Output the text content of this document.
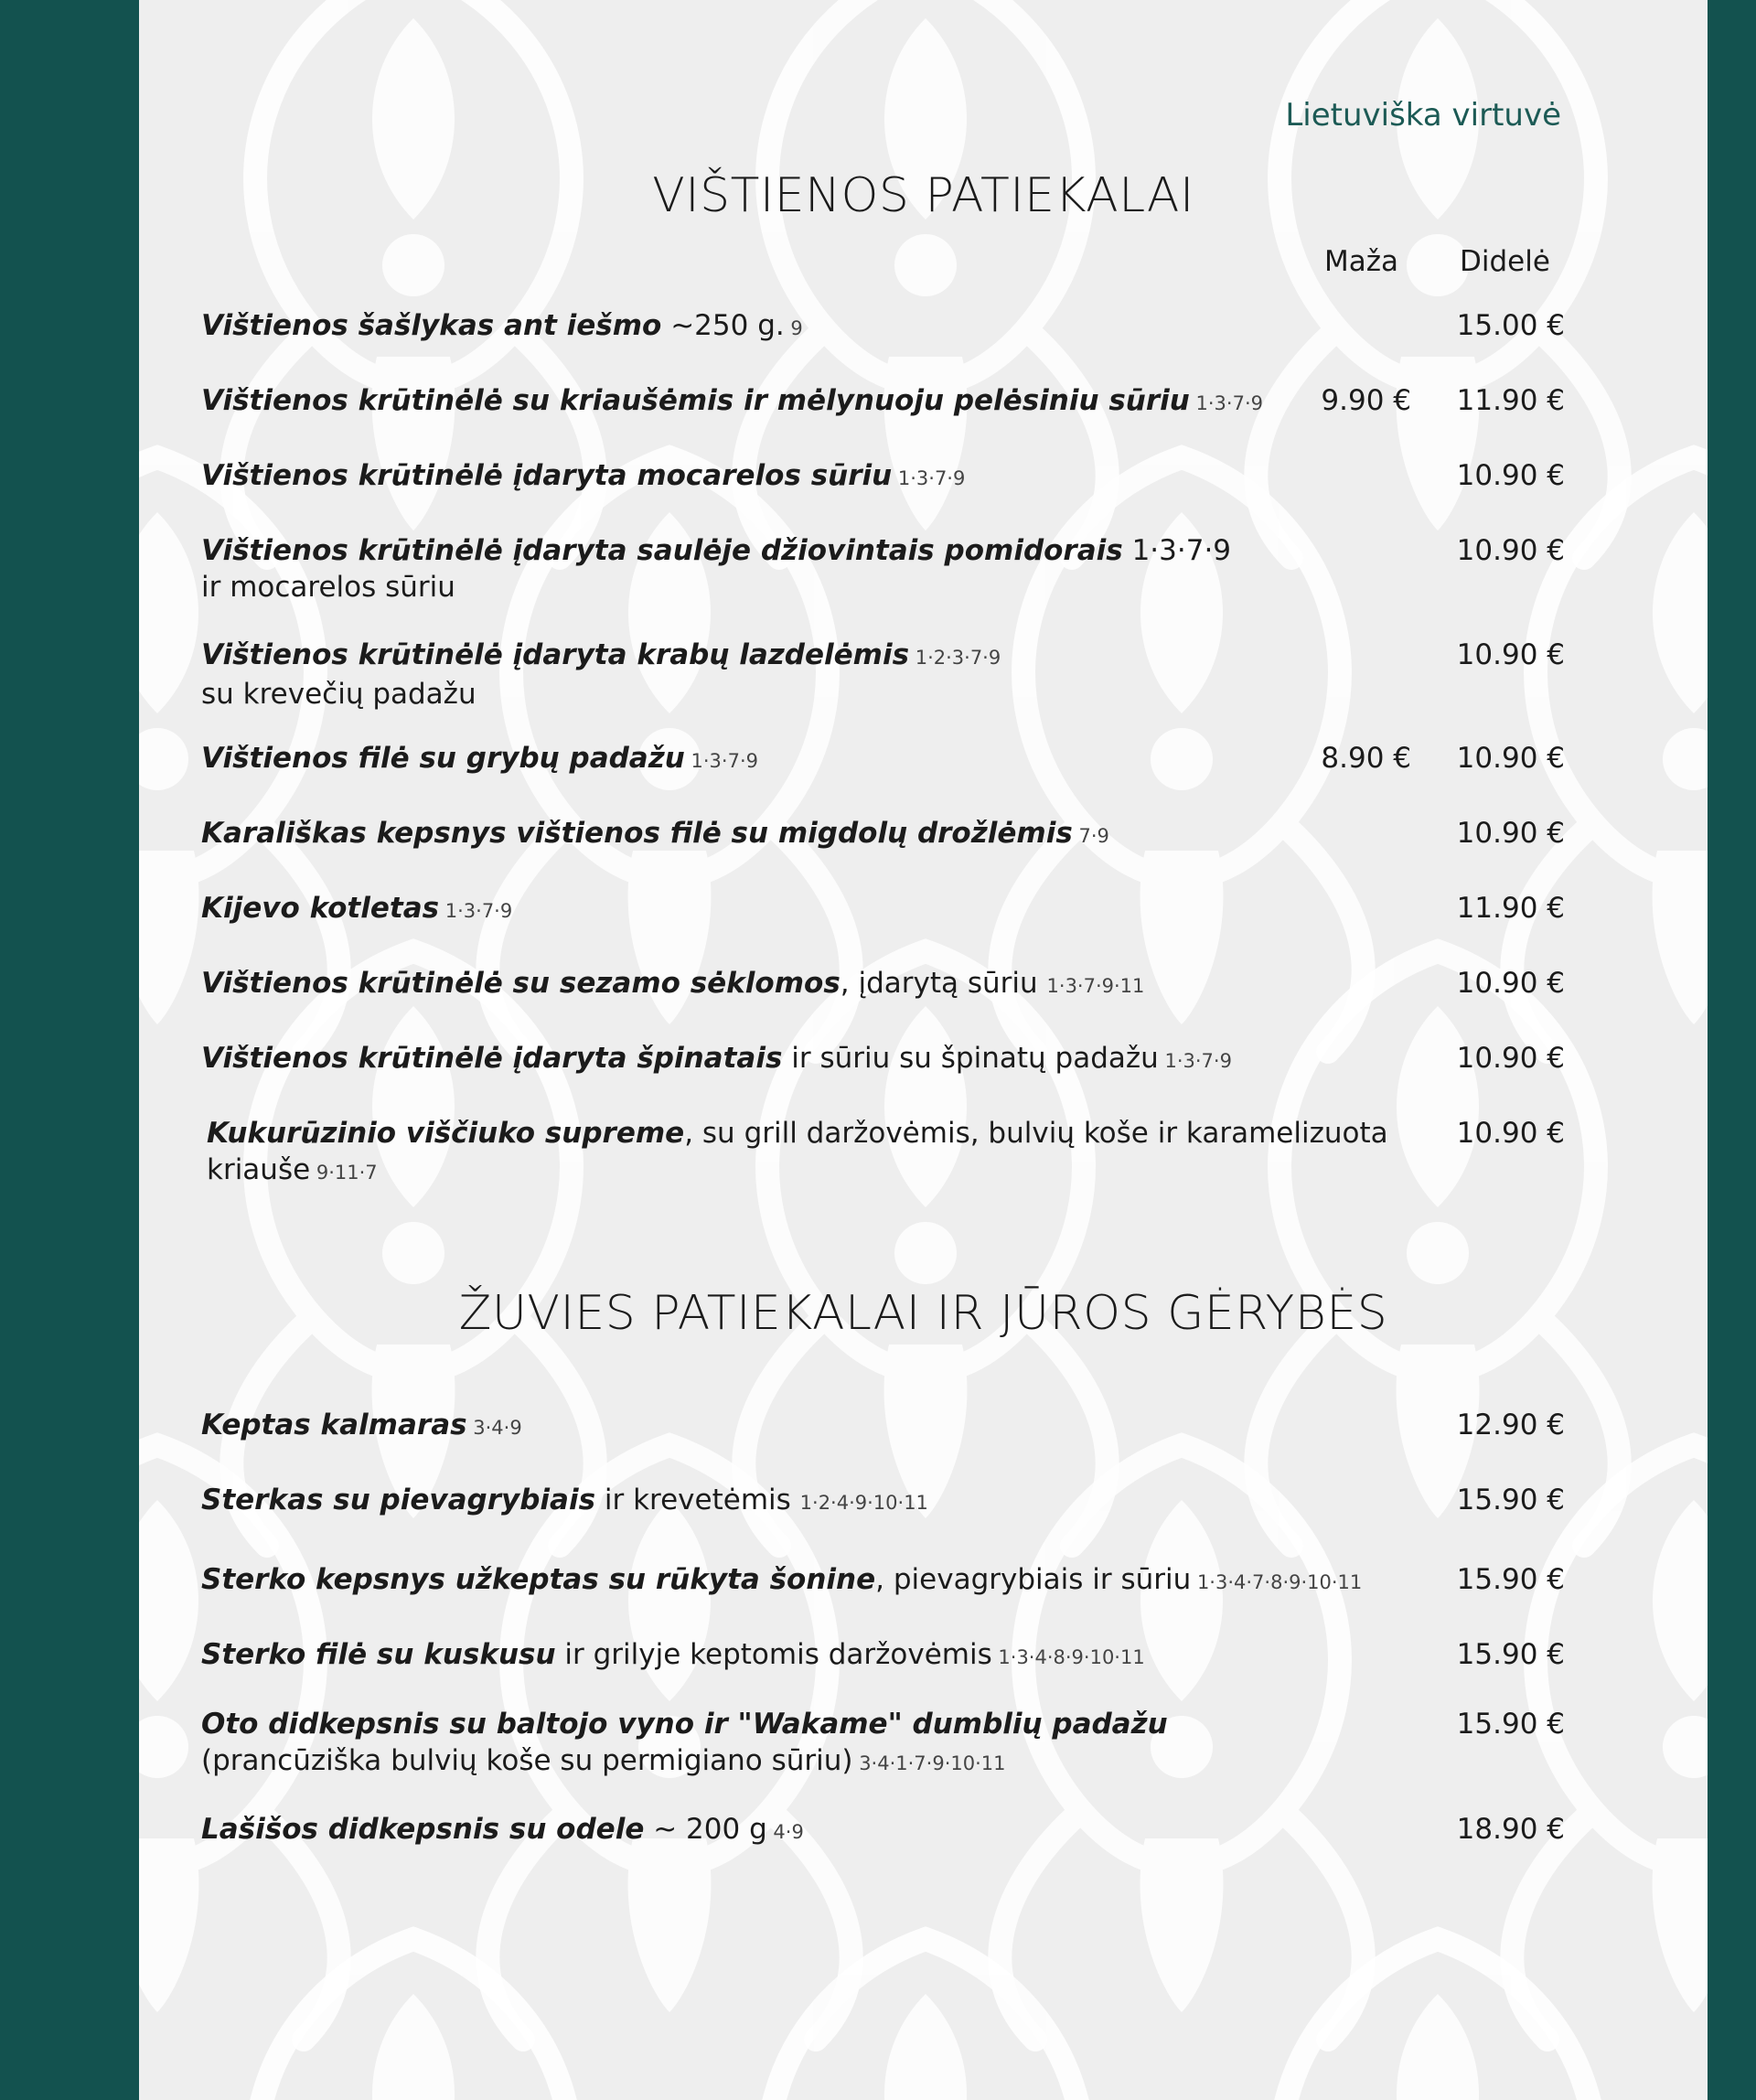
Lietuviška virtuvė
VIŠTIENOS PATIEKALAI
Maža Didelė
Vištienos šašlykas ant iešmo ~250 g. 9	15.00 €
Vištienos krūtinėlė su kriaušėmis ir mėlynuoju pelėsiniu sūriu 1·3·7·9 9.90 € 11.90 €
Vištienos krūtinėlė įdaryta mocarelos sūriu 1·3·7·9	10.90 €
Vištienos krūtinėlė įdaryta saulėje džiovintais pomidorais 1·3·7·9
ir mocarelos sūriu
10.90 €
Vištienos krūtinėlė įdaryta krabų lazdelėmis 1·2·3·7·9
su krevečių padažu
10.90 €
Vištienos filė su grybų padažu 1·3·7·9	8.90 € 10.90 €
Karališkas kepsnys vištienos filė su migdolų drožlėmis 7·9	10.90 €
Kijevo kotletas 1·3·7·9	11.90 €
Vištienos krūtinėlė su sezamo sėklomos, įdarytą sūriu 1·3·7·9·11	10.90 €
Vištienos krūtinėlė įdaryta špinatais ir sūriu su špinatų padažu 1·3·7·9	10.90 €
Kukurūzinio viščiuko supreme, su grill daržovėmis, bulvių koše ir karamelizuota
kriauše 9·11·7
10.90 €
ŽUVIES PATIEKALAI IR JŪROS GĖRYBĖS
Keptas kalmaras 3·4·9	12.90 €
Sterkas su pievagrybiais ir krevetėmis 1·2·4·9·10·11	15.90 €
Sterko kepsnys užkeptas su rūkyta šonine, pievagrybiais ir sūriu 1·3·4·7·8·9·10·11	15.90 €
Sterko filė su kuskusu ir grilyje keptomis daržovėmis 1·3·4·8·9·10·11	15.90 €
Oto didkepsnis su baltojo vyno ir "Wakame" dumblių padažu
(prancūziška bulvių koše su permigiano sūriu) 3·4·1·7·9·10·11
15.90 €
Lašišos didkepsnis su odele ~ 200 g 4·9	18.90 €
